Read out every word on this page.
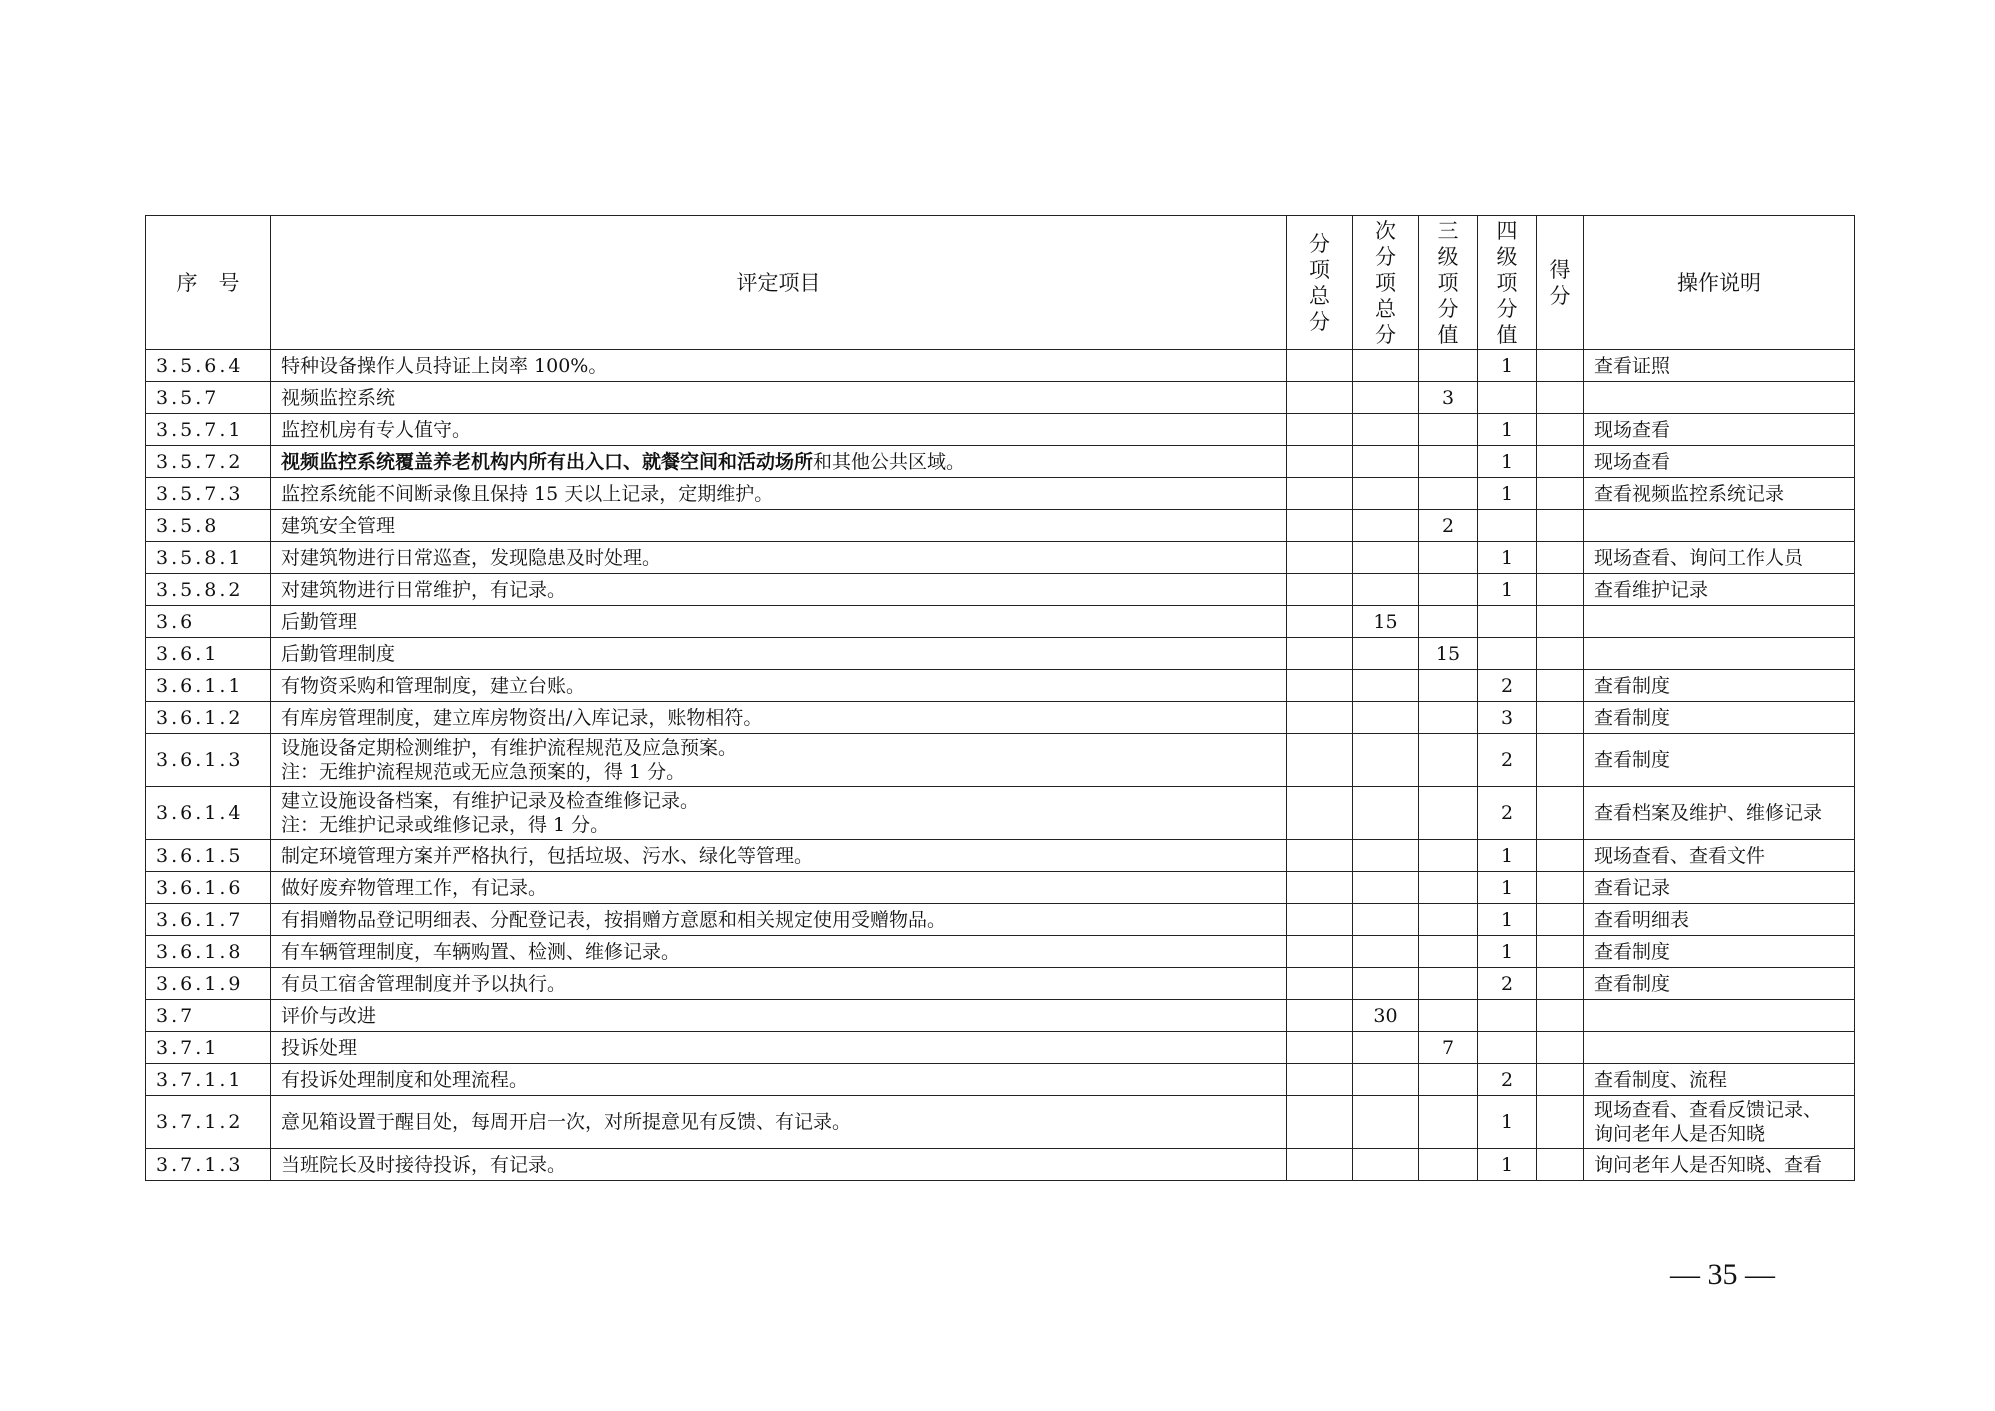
序　号	评定项目	分项总分	次分项总分	三级项分值	四级项分值	得分	操作说明
3.5.6.4	特种设备操作人员持证上岗率 100%。				1		查看证照
3.5.7	视频监控系统			3			
3.5.7.1	监控机房有专人值守。				1		现场查看
3.5.7.2	视频监控系统覆盖养老机构内所有出入口、就餐空间和活动场所和其他公共区域。				1		现场查看
3.5.7.3	监控系统能不间断录像且保持 15 天以上记录，定期维护。				1		查看视频监控系统记录
3.5.8	建筑安全管理			2			
3.5.8.1	对建筑物进行日常巡查，发现隐患及时处理。				1		现场查看、询问工作人员
3.5.8.2	对建筑物进行日常维护，有记录。				1		查看维护记录
3.6	后勤管理		15				
3.6.1	后勤管理制度			15			
3.6.1.1	有物资采购和管理制度，建立台账。				2		查看制度
3.6.1.2	有库房管理制度，建立库房物资出/入库记录，账物相符。				3		查看制度
3.6.1.3	设施设备定期检测维护，有维护流程规范及应急预案。
注：无维护流程规范或无应急预案的，得 1 分。				2		查看制度
3.6.1.4	建立设施设备档案，有维护记录及检查维修记录。
注：无维护记录或维修记录，得 1 分。				2		查看档案及维护、维修记录
3.6.1.5	制定环境管理方案并严格执行，包括垃圾、污水、绿化等管理。				1		现场查看、查看文件
3.6.1.6	做好废弃物管理工作，有记录。				1		查看记录
3.6.1.7	有捐赠物品登记明细表、分配登记表，按捐赠方意愿和相关规定使用受赠物品。				1		查看明细表
3.6.1.8	有车辆管理制度，车辆购置、检测、维修记录。				1		查看制度
3.6.1.9	有员工宿舍管理制度并予以执行。				2		查看制度
3.7	评价与改进		30				
3.7.1	投诉处理			7			
3.7.1.1	有投诉处理制度和处理流程。				2		查看制度、流程
3.7.1.2	意见箱设置于醒目处，每周开启一次，对所提意见有反馈、有记录。				1		现场查看、查看反馈记录、
询问老年人是否知晓

3.7.1.3	当班院长及时接待投诉，有记录。				1		询问老年人是否知晓、查看
— 35 —
